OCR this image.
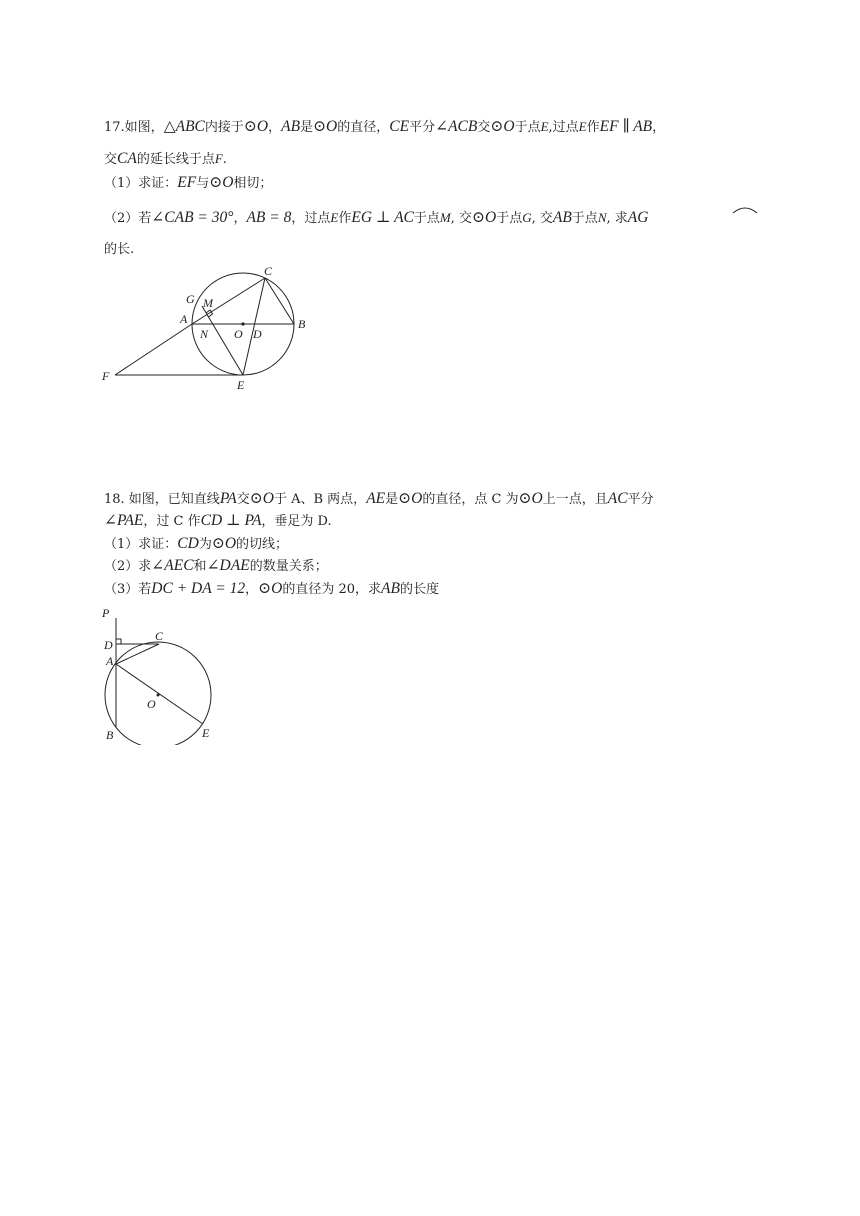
17.如图，△ABC内接于⊙O，AB是⊙O的直径，CE平分∠ACB交⊙O于点E,过点E作EF ∥ AB，
交CA的延长线于点F.
（1）求证：EF与⊙O相切；
（2）若∠CAB = 30°，AB = 8，过点E作EG ⊥ AC于点M, 交⊙O于点G, 交AB于点N, 求AG
的长.
C
G M
A
N O D
B
F
E
18. 如图，已知直线PA交⊙O于 A、B 两点，AE是⊙O的直径，点 C 为⊙O上一点，且AC平分
∠PAE，过 C 作CD ⊥ PA，垂足为 D.
（1）求证：CD为⊙O的切线；
（2）求∠AEC和∠DAE的数量关系；
（3）若DC + DA = 12，⊙O的直径为 20，求AB的长度
P
D
C
A
O
B	E
